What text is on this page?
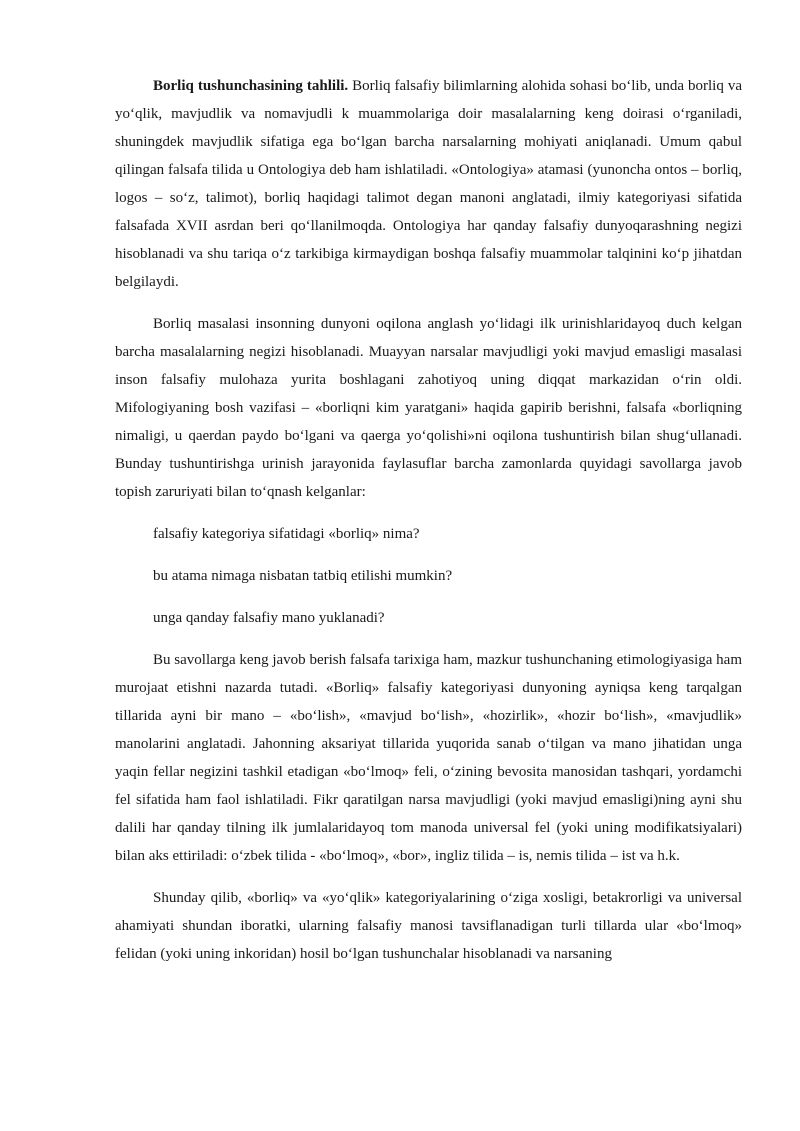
Borliq tushunchasining tahlili. Borliq falsafiy bilimlarning alohida sohasi bo‘lib, unda borliq va yo‘qlik, mavjudlik va nomavjudli k muammolariga doir masalalarning keng doirasi o‘rganiladi, shuningdek mavjudlik sifatiga ega bo‘lgan barcha narsalarning mohiyati aniqlanadi. Umum qabul qilingan falsafa tilida u Ontologiya deb ham ishlatiladi. «Ontologiya» atamasi (yunoncha ontos – borliq, logos – so‘z, talimot), borliq haqidagi talimot degan manoni anglatadi, ilmiy kategoriyasi sifatida falsafada XVII asrdan beri qo‘llanilmoqda. Ontologiya har qanday falsafiy dunyoqarashning negizi hisoblanadi va shu tariqa o‘z tarkibiga kirmaydigan boshqa falsafiy muammolar talqinini ko‘p jihatdan belgilaydi.

Borliq masalasi insonning dunyoni oqilona anglash yo‘lidagi ilk urinishlaridayoq duch kelgan barcha masalalarning negizi hisoblanadi. Muayyan narsalar mavjudligi yoki mavjud emasligi masalasi inson falsafiy mulohaza yurita boshlagani zahotiyoq uning diqqat markazidan o‘rin oldi. Mifologiyaning bosh vazifasi – «borliqni kim yaratgani» haqida gapirib berishni, falsafa «borliqning nimaligi, u qaerdan paydo bo‘lgani va qaerga yo‘qolishi»ni oqilona tushuntirish bilan shug‘ullanadi. Bunday tushuntirishga urinish jarayonida faylasuflar barcha zamonlarda quyidagi savollarga javob topish zaruriyati bilan to‘qnash kelganlar:

falsafiy kategoriya sifatidagi «borliq» nima?

bu atama nimaga nisbatan tatbiq etilishi mumkin?

unga qanday falsafiy mano yuklanadi?

Bu savollarga keng javob berish falsafa tarixiga ham, mazkur tushunchaning etimologiyasiga ham murojaat etishni nazarda tutadi. «Borliq» falsafiy kategoriyasi dunyoning ayniqsa keng tarqalgan tillarida ayni bir mano – «bo‘lish», «mavjud bo‘lish», «hozirlik», «hozir bo‘lish», «mavjudlik» manolarini anglatadi. Jahonning aksariyat tillarida yuqorida sanab o‘tilgan va mano jihatidan unga yaqin fellar negizini tashkil etadigan «bo‘lmoq» feli, o‘zining bevosita manosidan tashqari, yordamchi fel sifatida ham faol ishlatiladi. Fikr qaratilgan narsa mavjudligi (yoki mavjud emasligi)ning ayni shu dalili har qanday tilning ilk jumlalaridayoq tom manoda universal fel (yoki uning modifikatsiyalari) bilan aks ettiriladi: o‘zbek tilida - «bo‘lmoq», «bor», ingliz tilida – is, nemis tilida – ist va h.k.

Shunday qilib, «borliq» va «yo‘qlik» kategoriyalarining o‘ziga xosligi, betakrorligi va universal ahamiyati shundan iboratki, ularning falsafiy manosi tavsiflanadigan turli tillarda ular «bo‘lmoq» felidan (yoki uning inkoridan) hosil bo‘lgan tushunchalar hisoblanadi va narsaning
